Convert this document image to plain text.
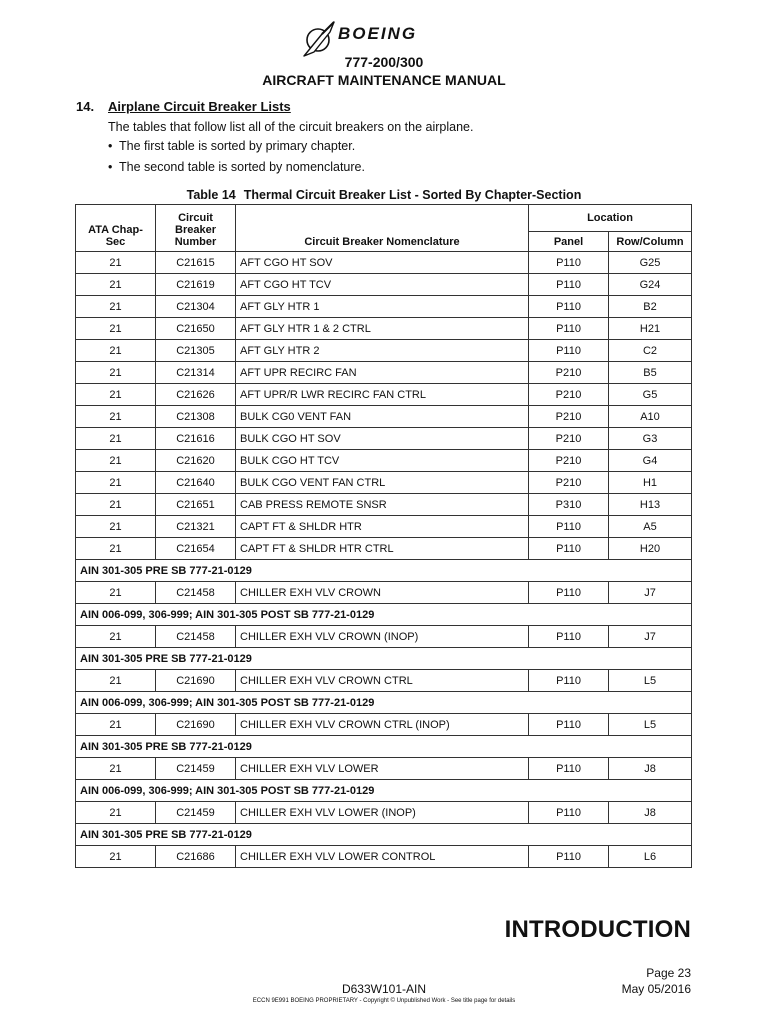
BOEING
777-200/300
AIRCRAFT MAINTENANCE MANUAL
14. Airplane Circuit Breaker Lists
The tables that follow list all of the circuit breakers on the airplane.
• The first table is sorted by primary chapter.
• The second table is sorted by nomenclature.
Table 14 Thermal Circuit Breaker List - Sorted By Chapter-Section
ATA Chap-Sec	Circuit Breaker Number	Circuit Breaker Nomenclature	Location	
			Panel	Row/Column
21	C21615	AFT CGO HT SOV	P110	G25
21	C21619	AFT CGO HT TCV	P110	G24
21	C21304	AFT GLY HTR 1	P110	B2
21	C21650	AFT GLY HTR 1 & 2 CTRL	P110	H21
21	C21305	AFT GLY HTR 2	P110	C2
21	C21314	AFT UPR RECIRC FAN	P210	B5
21	C21626	AFT UPR/R LWR RECIRC FAN CTRL	P210	G5
21	C21308	BULK CG0 VENT FAN	P210	A10
21	C21616	BULK CGO HT SOV	P210	G3
21	C21620	BULK CGO HT TCV	P210	G4
21	C21640	BULK CGO VENT FAN CTRL	P210	H1
21	C21651	CAB PRESS REMOTE SNSR	P310	H13
21	C21321	CAPT FT & SHLDR HTR	P110	A5
21	C21654	CAPT FT & SHLDR HTR CTRL	P110	H20
AIN 301-305 PRE SB 777-21-0129				
21	C21458	CHILLER EXH VLV CROWN	P110	J7
AIN 006-099, 306-999; AIN 301-305 POST SB 777-21-0129				
21	C21458	CHILLER EXH VLV CROWN (INOP)	P110	J7
AIN 301-305 PRE SB 777-21-0129				
21	C21690	CHILLER EXH VLV CROWN CTRL	P110	L5
AIN 006-099, 306-999; AIN 301-305 POST SB 777-21-0129				
21	C21690	CHILLER EXH VLV CROWN CTRL (INOP)	P110	L5
AIN 301-305 PRE SB 777-21-0129				
21	C21459	CHILLER EXH VLV LOWER	P110	J8
AIN 006-099, 306-999; AIN 301-305 POST SB 777-21-0129				
21	C21459	CHILLER EXH VLV LOWER (INOP)	P110	J8
AIN 301-305 PRE SB 777-21-0129				
21	C21686	CHILLER EXH VLV LOWER CONTROL	P110	L6
INTRODUCTION
Page 23
May 05/2016
D633W101-AIN
ECCN 9E991 BOEING PROPRIETARY - Copyright © Unpublished Work - See title page for details
